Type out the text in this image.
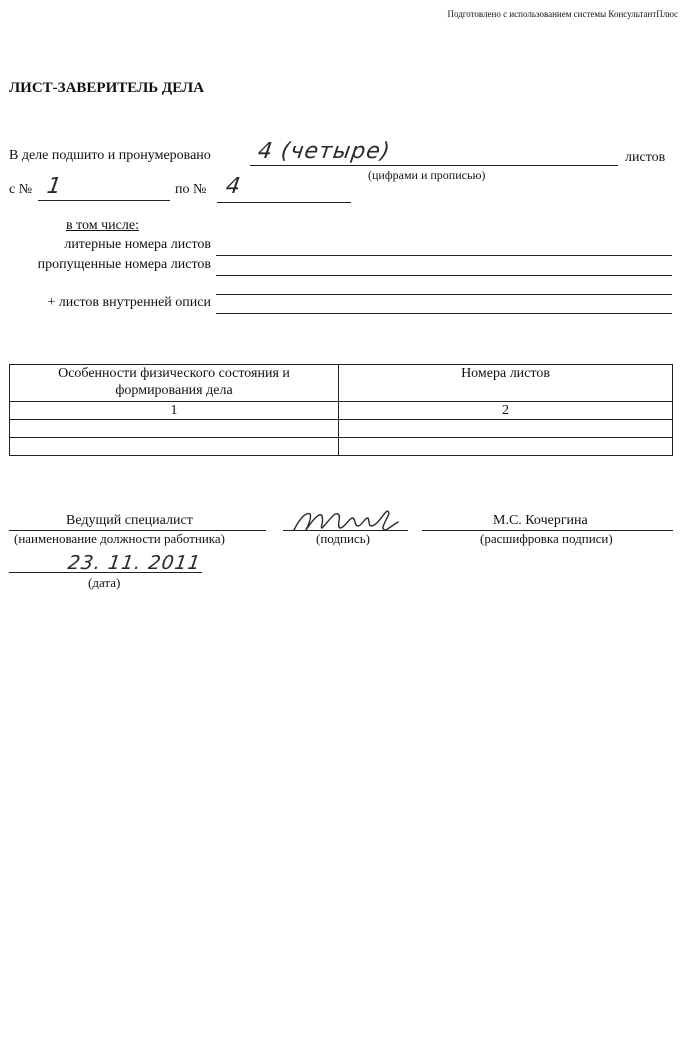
Подготовлено с использованием системы КонсультантПлюс
ЛИСТ-ЗАВЕРИТЕЛЬ ДЕЛА
В деле подшито и пронумеровано 4 (четыре)	листов
(цифрами и прописью)
с № 1	по № 4
в том числе:
литерные номера листов
пропущенные номера листов
+ листов внутренней описи
Особенности физического состояния и формирования дела	Номера листов
1	2

Ведущий специалист
(наименование должности работника)	(подпись)
М.С. Кочергина
(расшифровка подписи)
23. 11. 2011
(дата)
